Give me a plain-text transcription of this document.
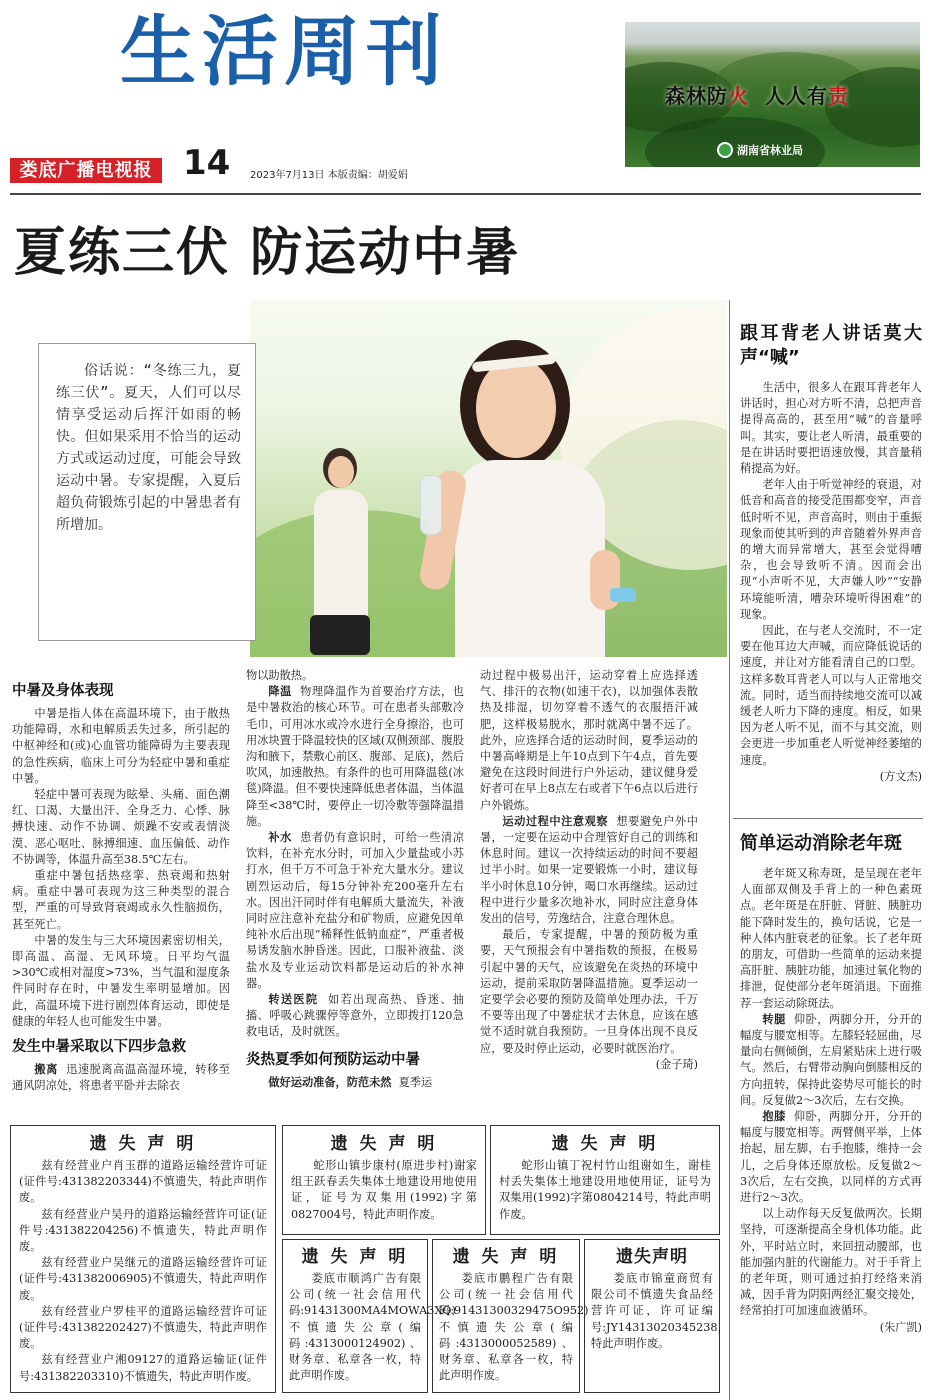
生活周刊	森林防火 人人有责
湖南省林业局
娄底广播电视报 14 2023年7月13日 本版责编：胡爱娟
夏练三伏 防运动中暑

俗话说：“冬练三九，夏练三伏”。夏天，人们可以尽情享受运动后挥汗如雨的畅快。但如果采用不恰当的运动方式或运动过度，可能会导致运动中暑。专家提醒，入夏后超负荷锻炼引起的中暑患者有所增加。

中暑及身体表现

中暑是指人体在高温环境下，由于散热功能障碍，水和电解质丢失过多，所引起的中枢神经和(或)心血管功能障碍为主要表现的急性疾病，临床上可分为轻症中暑和重症中暑。

轻症中暑可表现为眩晕、头痛、面色潮红、口渴、大量出汗、全身乏力、心悸、脉搏快速、动作不协调、烦躁不安或表情淡漠、恶心呕吐、脉搏细速、血压偏低、动作不协调等，体温升高至38.5℃左右。

重症中暑包括热痉挛、热衰竭和热射病。重症中暑可表现为这三种类型的混合型，严重的可导致肾衰竭或永久性脑损伤，甚至死亡。

中暑的发生与三大环境因素密切相关，即高温、高湿、无风环境。日平均气温>30℃或相对湿度>73%，当气温和湿度条件同时存在时，中暑发生率明显增加。因此，高温环境下进行剧烈体育运动，即使是健康的年轻人也可能发生中暑。

发生中暑采取以下四步急救

搬离 迅速脱离高温高湿环境，转移至通风阴凉处，将患者平卧并去除衣

物以助散热。

降温 物理降温作为首要治疗方法，也是中暑救治的核心环节。可在患者头部敷冷毛巾，可用冰水或冷水进行全身擦浴，也可用冰块置于降温较快的区域(双侧颈部、腹股沟和腋下，禁敷心前区、腹部、足底)，然后吹风，加速散热。有条件的也可用降温毯(冰毯)降温。但不要快速降低患者体温，当体温降至<38℃时，要停止一切冷敷等强降温措施。

补水 患者仍有意识时，可给一些清凉饮料，在补充水分时，可加入少量盐或小苏打水，但千万不可急于补充大量水分。建议剧烈运动后，每15分钟补充200毫升左右水。因出汗同时伴有电解质大量流失，补液同时应注意补充盐分和矿物质，应避免因单纯补水后出现“稀释性低钠血症”，严重者极易诱发脑水肿昏迷。因此，口服补液盐、淡盐水及专业运动饮料都是运动后的补水神器。

转送医院 如若出现高热、昏迷、抽搐、呼吸心跳骤停等意外，立即拨打120急救电话，及时就医。

炎热夏季如何预防运动中暑

做好运动准备，防范未然 夏季运

动过程中极易出汗，运动穿着上应选择透气、排汗的衣物(如速干衣)，以加强体表散热及排湿，切勿穿着不透气的衣服捂汗减肥，这样极易脱水，那时就离中暑不远了。此外，应选择合适的运动时间，夏季运动的中暑高峰期是上午10点到下午4点，首先要避免在这段时间进行户外运动，建议健身爱好者可在早上8点左右或者下午6点以后进行户外锻炼。

运动过程中注意观察 想要避免户外中暑，一定要在运动中合理管好自己的训练和休息时间。建议一次持续运动的时间不要超过半小时。如果一定要锻炼一小时，建议每半小时休息10分钟，喝口水再继续。运动过程中进行少量多次地补水，同时应注意身体发出的信号，劳逸结合，注意合理休息。

最后，专家提醒，中暑的预防极为重要，天气预报会有中暑指数的预报，在极易引起中暑的天气，应该避免在炎热的环境中运动，提前采取防暑降温措施。夏季运动一定要学会必要的预防及简单处理办法，千万不要等出现了中暑症状才去休息，应该在感觉不适时就自我预防。一旦身体出现不良反应，要及时停止运动，必要时就医治疗。

(金子琦)

跟耳背老人讲话莫大声“喊”

生活中，很多人在跟耳背老年人讲话时，担心对方听不清，总把声音提得高高的，甚至用“喊”的音量呼叫。其实，要让老人听清，最重要的是在讲话时要把语速放慢，其音量稍稍提高为好。

老年人由于听觉神经的衰退，对低音和高音的接受范围都变窄，声音低时听不见，声音高时，则由于重振现象而使其听到的声音随着外界声音的增大而异常增大，甚至会觉得嘈杂，也会导致听不清。因而会出现“小声听不见，大声嫌人吵”“安静环境能听清，嘈杂环境听得困难”的现象。

因此，在与老人交流时，不一定要在他耳边大声喊，而应降低说话的速度，并让对方能看清自己的口型。这样多数耳背老人可以与人正常地交流。同时，适当而持续地交流可以减缓老人听力下降的速度。相反，如果因为老人听不见，而不与其交流，则会更进一步加重老人听觉神经萎缩的速度。

(方文杰)

简单运动消除老年斑

老年斑又称寿斑，是呈现在老年人面部双侧及手背上的一种色素斑点。老年斑是在肝脏、肾脏、胰脏功能下降时发生的，换句话说，它是一种人体内脏衰老的征象。长了老年斑的朋友，可借助一些简单的运动来提高肝脏、胰脏功能，加速过氧化物的排泄，促使部分老年斑消退。下面推荐一套运动除斑法。

转腿 仰卧，两脚分开，分开的幅度与腰宽相等。左膝轻轻屈曲，尽量向右侧倾倒，左肩紧贴床上进行吸气。然后，右臂带动胸向倒膝相反的方向扭转，保持此姿势尽可能长的时间。反复做2～3次后，左右交换。

抱膝 仰卧，两脚分开，分开的幅度与腰宽相等。两臂侧平举，上体抬起，屈左脚，右手抱膝，维持一会儿，之后身体还原放松。反复做2～3次后，左右交换，以同样的方式再进行2～3次。

以上动作每天反复做两次。长期坚持，可逐渐提高全身机体功能。此外，平时站立时，来回扭动腰部，也能加强内脏的代谢能力。对于手背上的老年斑，则可通过拍打经络来消减，因手背为阴阳两经汇聚交接处，经常拍打可加速血液循环。

(朱广凯)

遗 失 声 明

兹有经营业户肖玉群的道路运输经营许可证(证件号:431382203344)不慎遗失，特此声明作废。

兹有经营业户吴丹的道路运输经营许可证(证件号:431382204256)不慎遗失，特此声明作废。

兹有经营业户吴继元的道路运输经营许可证(证件号:431382006905)不慎遗失，特此声明作废。

兹有经营业户罗桂平的道路运输经营许可证(证件号:431382202427)不慎遗失，特此声明作废。

兹有经营业户湘09127的道路运输证(证件号:431382203310)不慎遗失，特此声明作废。

遗 失 声 明

蛇形山镇步康村(原进步村)谢家组王跃春丢失集体土地建设用地使用证，证号为双集用(1992)字第0827004号，特此声明作废。

遗 失 声 明

蛇形山镇丁祝村竹山组谢如生，谢桂村丢失集体土地建设用地使用证，证号为双集用(1992)字第0804214号，特此声明作废。

遗 失 声 明

娄底市顺鸿广告有限公司(统一社会信用代码:91431300MA4MOWA3XQ)不慎遗失公章(编码:4313000124902)、财务章、私章各一枚，特此声明作废。

遗 失 声 明

娄底市鹏程广告有限公司(统一社会信用代码:91431300329475O952)不慎遗失公章(编码:4313000052589)、财务章、私章各一枚，特此声明作废。

遗失声明

娄底市锦童商贸有限公司不慎遗失食品经营许可证，许可证编号:JY14313020345238，特此声明作废。
